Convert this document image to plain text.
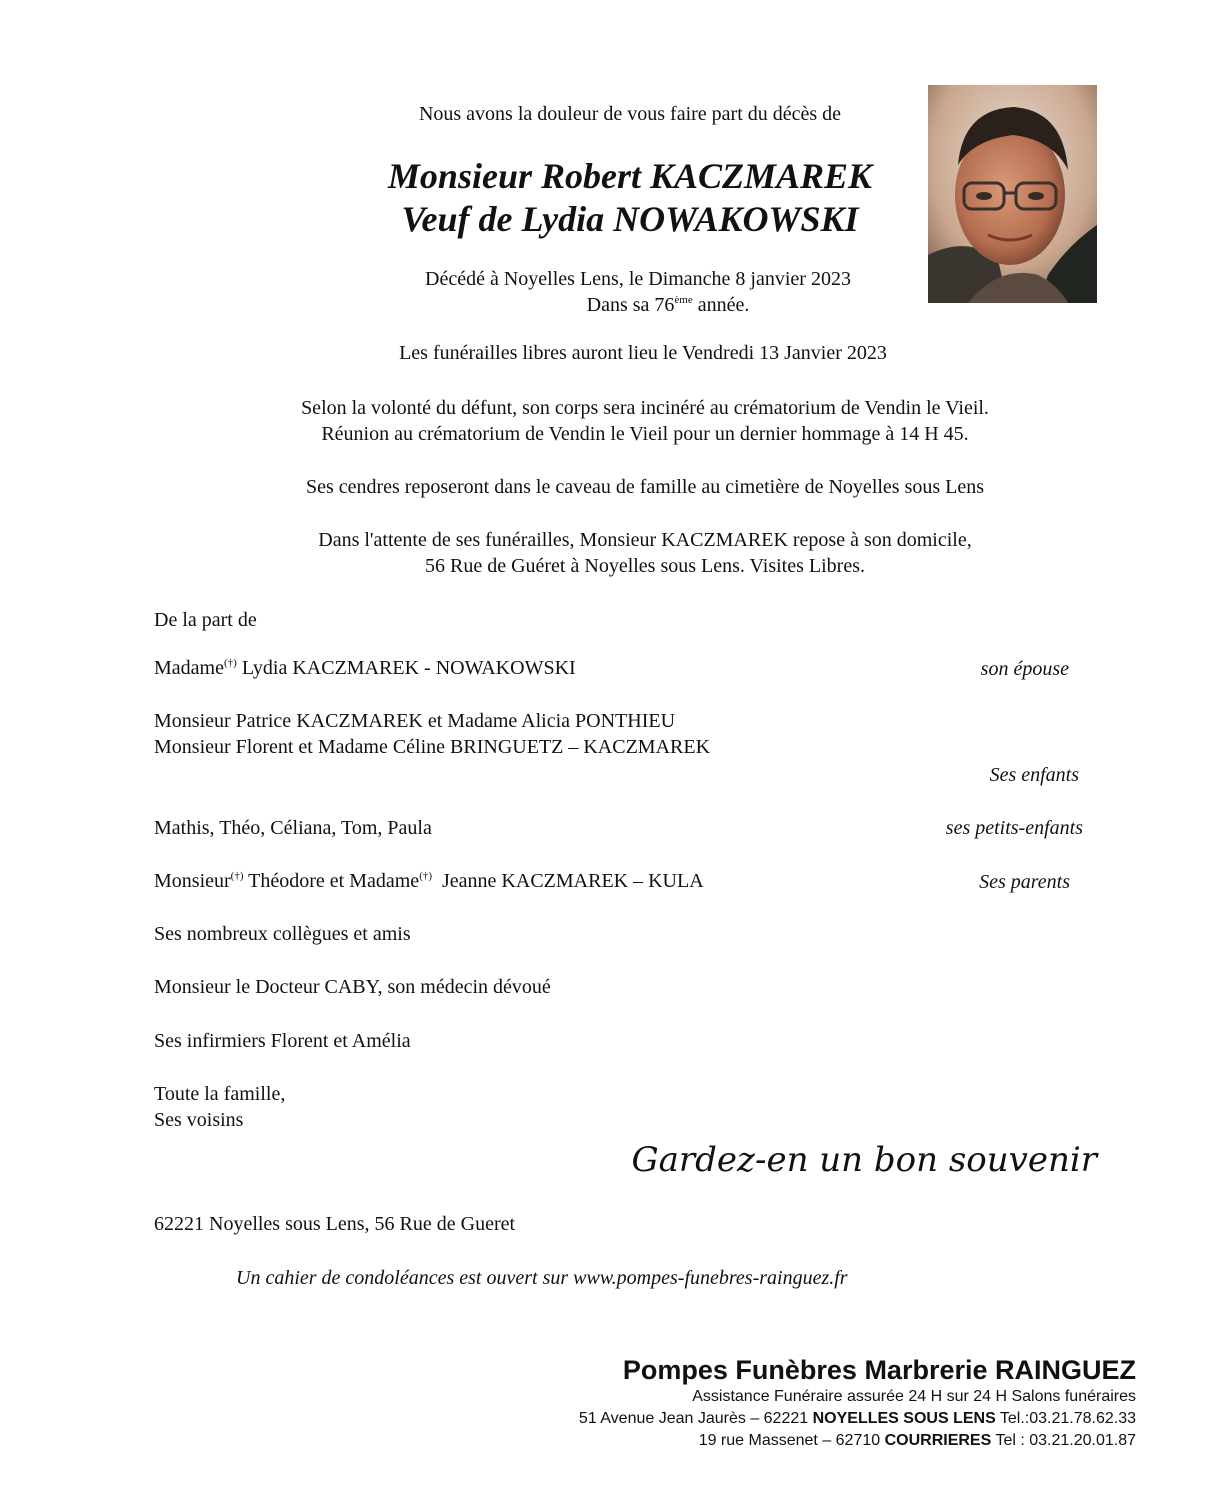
Nous avons la douleur de vous faire part du décès de
Monsieur Robert KACZMAREK
Veuf de Lydia NOWAKOWSKI
Décédé à Noyelles Lens, le Dimanche 8 janvier 2023
Dans sa 76ème année.
Les funérailles libres auront lieu le Vendredi 13 Janvier 2023
Selon la volonté du défunt, son corps sera incinéré au crématorium de Vendin le Vieil.
Réunion au crématorium de Vendin le Vieil pour un dernier hommage à 14 H 45.
Ses cendres reposeront dans le caveau de famille au cimetière de Noyelles sous Lens
Dans l'attente de ses funérailles, Monsieur KACZMAREK repose à son domicile,
56 Rue de Guéret à Noyelles sous Lens. Visites Libres.
De la part de
Madame(†) Lydia KACZMAREK - NOWAKOWSKI	son épouse
Monsieur Patrice KACZMAREK et Madame Alicia PONTHIEU
Monsieur Florent et Madame Céline BRINGUETZ – KACZMAREK
Ses enfants
Mathis, Théo, Céliana, Tom, Paula	ses petits-enfants
Monsieur(†) Théodore et Madame(†)  Jeanne KACZMAREK – KULA	Ses parents
Ses nombreux collègues et amis
Monsieur le Docteur CABY, son médecin dévoué
Ses infirmiers Florent et Amélia
Toute la famille,
Ses voisins
Gardez-en un bon souvenir
62221 Noyelles sous Lens, 56 Rue de Gueret
Un cahier de condoléances est ouvert sur www.pompes-funebres-rainguez.fr
Pompes Funèbres Marbrerie RAINGUEZ
Assistance Funéraire assurée 24 H sur 24 H Salons funéraires
51 Avenue Jean Jaurès – 62221 NOYELLES SOUS LENS Tel.:03.21.78.62.33
19 rue Massenet – 62710 COURRIERES Tel : 03.21.20.01.87
